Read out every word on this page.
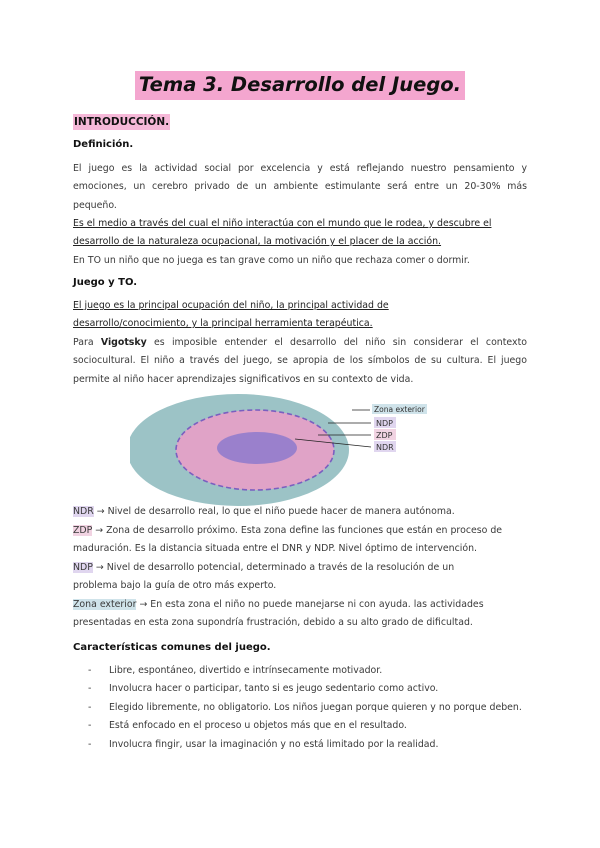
Tema 3. Desarrollo del Juego.
INTRODUCCIÓN.
Definición.

El juego es la actividad social por excelencia y está reflejando nuestro pensamiento y emociones, un cerebro privado de un ambiente estimulante será entre un 20-30% más pequeño.

Es el medio a través del cual el niño interactúa con el mundo que le rodea, y descubre el
desarrollo de la naturaleza ocupacional, la motivación y el placer de la acción.
En TO un niño que no juega es tan grave como un niño que rechaza comer o dormir.
Juego y TO.
El juego es la principal ocupación del niño, la principal actividad de
desarrollo/conocimiento, y la principal herramienta terapéutica.

Para Vigotsky es imposible entender el desarrollo del niño sin considerar el contexto sociocultural. El niño a través del juego, se apropia de los símbolos de su cultura. El juego permite al niño hacer aprendizajes significativos en su contexto de vida.

Zona exterior
NDP
ZDP
NDR
NDR → Nivel de desarrollo real, lo que el niño puede hacer de manera autónoma.
ZDP → Zona de desarrollo próximo. Esta zona define las funciones que están en proceso de
maduración. Es la distancia situada entre el DNR y NDP. Nivel óptimo de intervención.
NDP → Nivel de desarrollo potencial, determinado a través de la resolución de un
problema bajo la guía de otro más experto.
Zona exterior → En esta zona el niño no puede manejarse ni con ayuda. las actividades
presentadas en esta zona supondría frustración, debido a su alto grado de dificultad.
Características comunes del juego.
- Libre, espontáneo, divertido e intrínsecamente motivador.
- Involucra hacer o participar, tanto si es jeugo sedentario como activo.
- Elegido libremente, no obligatorio. Los niños juegan porque quieren y no porque deben.
- Está enfocado en el proceso u objetos más que en el resultado.
- Involucra fingir, usar la imaginación y no está limitado por la realidad.
